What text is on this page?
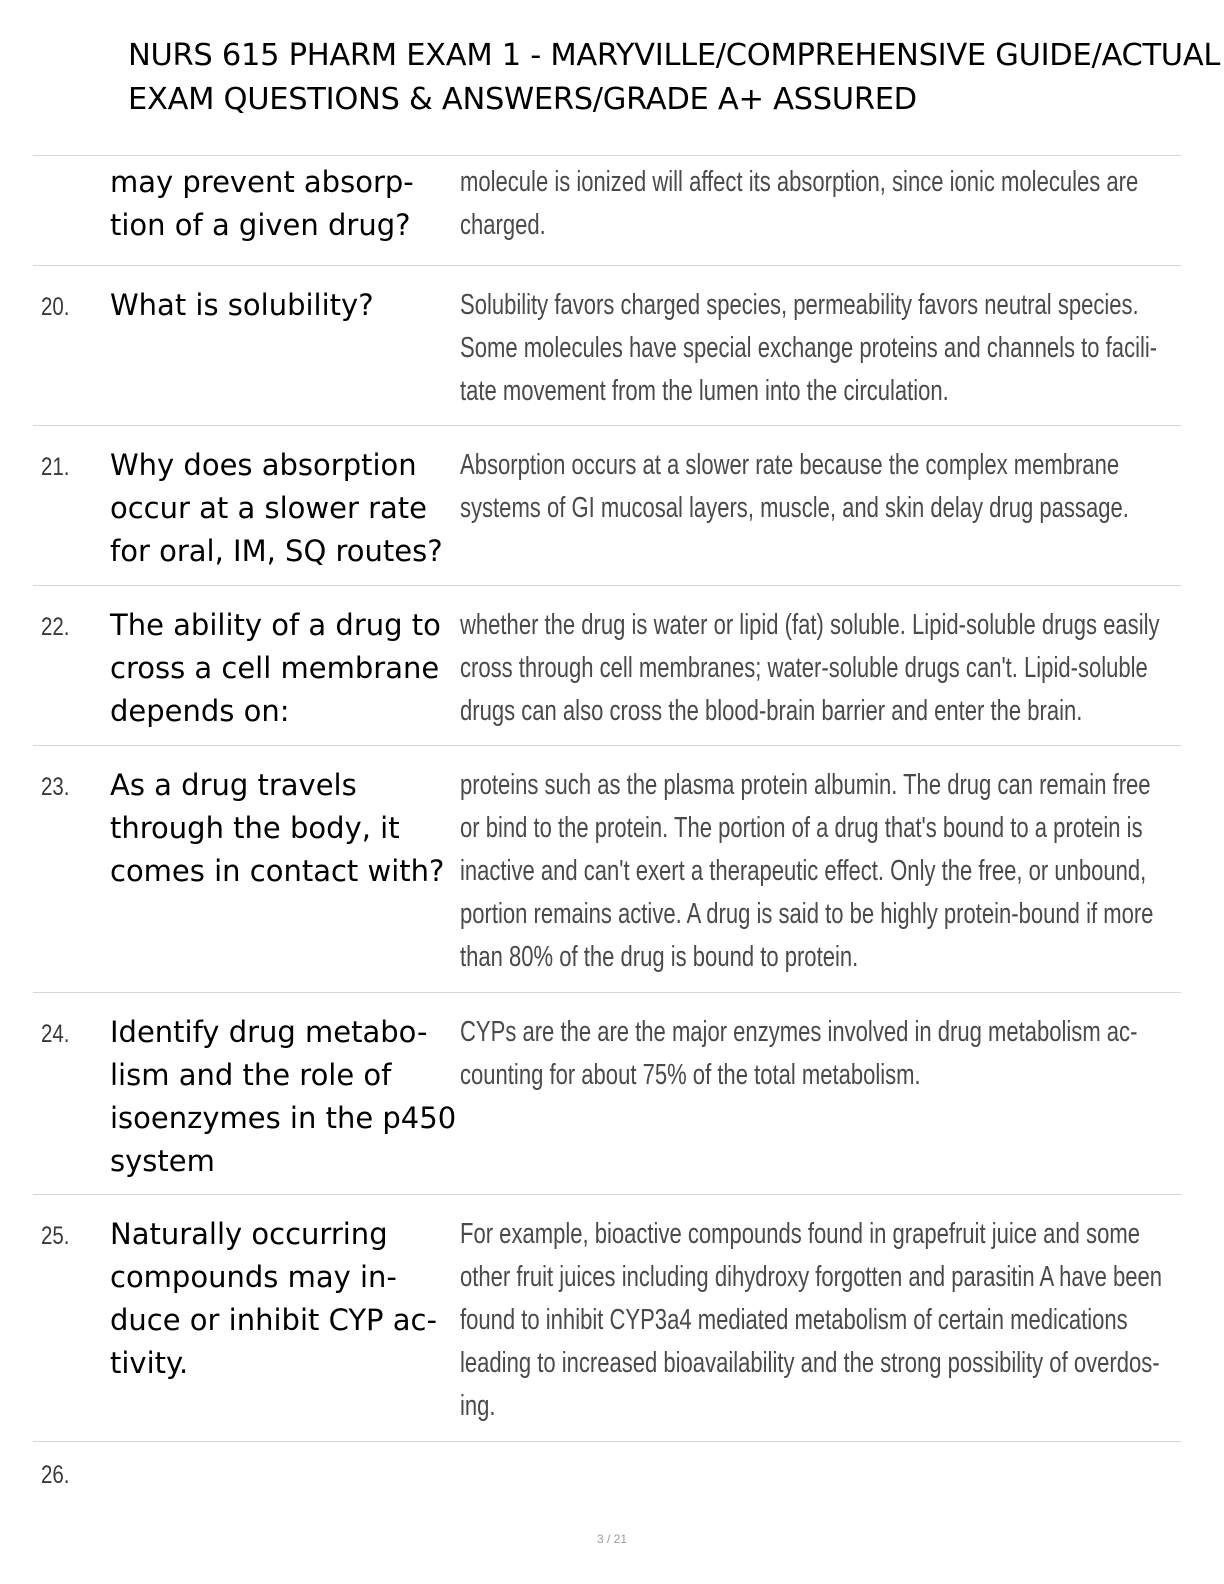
NURS 615 PHARM EXAM 1 - MARYVILLE/COMPREHENSIVE GUIDE/ACTUAL
EXAM QUESTIONS & ANSWERS/GRADE A+ ASSURED
may prevent absorp-
tion of a given drug?
molecule is ionized will affect its absorption, since ionic molecules are
charged.
20. What is solubility?	Solubility favors charged species, permeability favors neutral species.
Some molecules have special exchange proteins and channels to facili-
tate movement from the lumen into the circulation.
21. Why does absorption
occur at a slower rate
for oral, IM, SQ routes?
Absorption occurs at a slower rate because the complex membrane
systems of GI mucosal layers, muscle, and skin delay drug passage.
22. The ability of a drug to
cross a cell membrane
depends on:
whether the drug is water or lipid (fat) soluble. Lipid-soluble drugs easily
cross through cell membranes; water-soluble drugs can't. Lipid-soluble
drugs can also cross the blood-brain barrier and enter the brain.
23. As a drug travels
through the body, it
comes in contact with?
proteins such as the plasma protein albumin. The drug can remain free
or bind to the protein. The portion of a drug that's bound to a protein is
inactive and can't exert a therapeutic effect. Only the free, or unbound,
portion remains active. A drug is said to be highly protein-bound if more
than 80% of the drug is bound to protein.
24. Identify drug metabo-
lism and the role of
isoenzymes in the p450
system
CYPs are the are the major enzymes involved in drug metabolism ac-
counting for about 75% of the total metabolism.
25. Naturally occurring
compounds may in-
duce or inhibit CYP ac-
tivity.
For example, bioactive compounds found in grapefruit juice and some
other fruit juices including dihydroxy forgotten and parasitin A have been
found to inhibit CYP3a4 mediated metabolism of certain medications
leading to increased bioavailability and the strong possibility of overdos-
ing.
26.
3 / 21
